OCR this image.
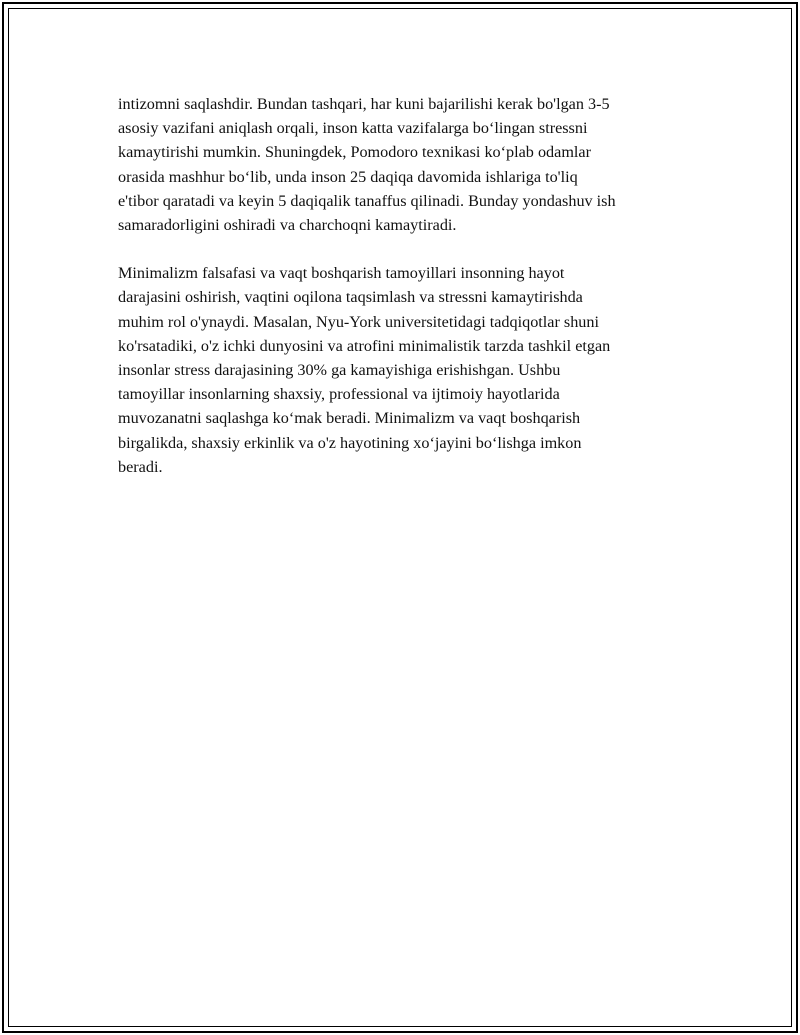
intizomni saqlashdir. Bundan tashqari, har kuni bajarilishi kerak bo'lgan 3-5
asosiy vazifani aniqlash orqali, inson katta vazifalarga bo‘lingan stressni
kamaytirishi mumkin. Shuningdek, Pomodoro texnikasi ko‘plab odamlar
orasida mashhur bo‘lib, unda inson 25 daqiqa davomida ishlariga to'liq
e'tibor qaratadi va keyin 5 daqiqalik tanaffus qilinadi. Bunday yondashuv ish
samaradorligini oshiradi va charchoqni kamaytiradi.
Minimalizm falsafasi va vaqt boshqarish tamoyillari insonning hayot
darajasini oshirish, vaqtini oqilona taqsimlash va stressni kamaytirishda
muhim rol o'ynaydi. Masalan, Nyu-York universitetidagi tadqiqotlar shuni
ko'rsatadiki, o'z ichki dunyosini va atrofini minimalistik tarzda tashkil etgan
insonlar stress darajasining 30% ga kamayishiga erishishgan. Ushbu
tamoyillar insonlarning shaxsiy, professional va ijtimoiy hayotlarida
muvozanatni saqlashga ko‘mak beradi. Minimalizm va vaqt boshqarish
birgalikda, shaxsiy erkinlik va o'z hayotining xo‘jayini bo‘lishga imkon
beradi.
